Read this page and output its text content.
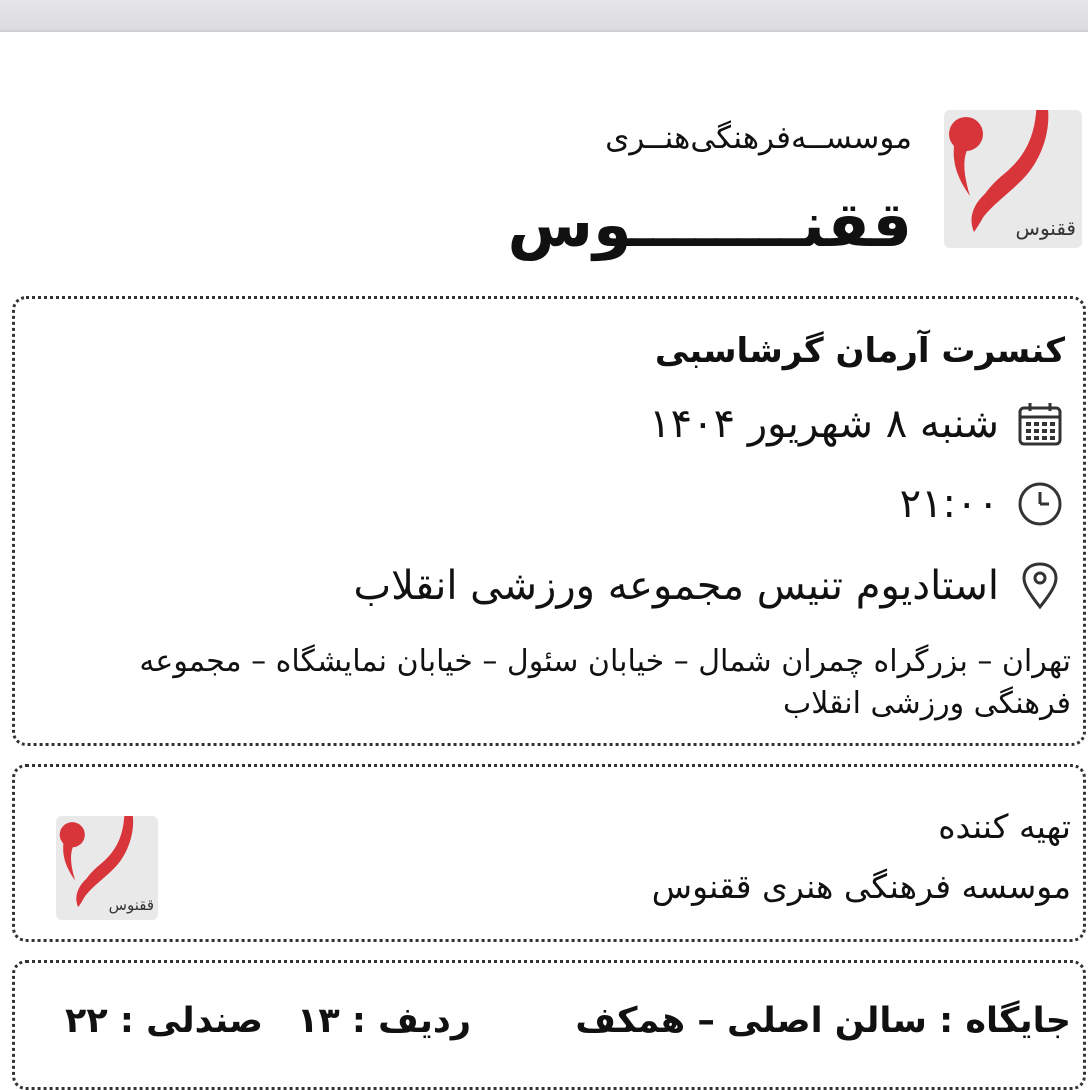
موسســه‌فرهنگی‌هنــری
ققنــــــــوس	ققنوس
کنسرت آرمان گرشاسبی
شنبه ۸ شهریور ۱۴۰۴
۲۱:۰۰
استادیوم تنیس مجموعه ورزشی انقلاب
تهران – بزرگراه چمران شمال – خیابان سئول – خیابان نمایشگاه – مجموعه فرهنگی ورزشی انقلاب
تهیه کننده
موسسه فرهنگی هنری ققنوس
ققنوس
جایگاه : سالن اصلی – همکف
ردیف : ۱۳
صندلی : ۲۲
